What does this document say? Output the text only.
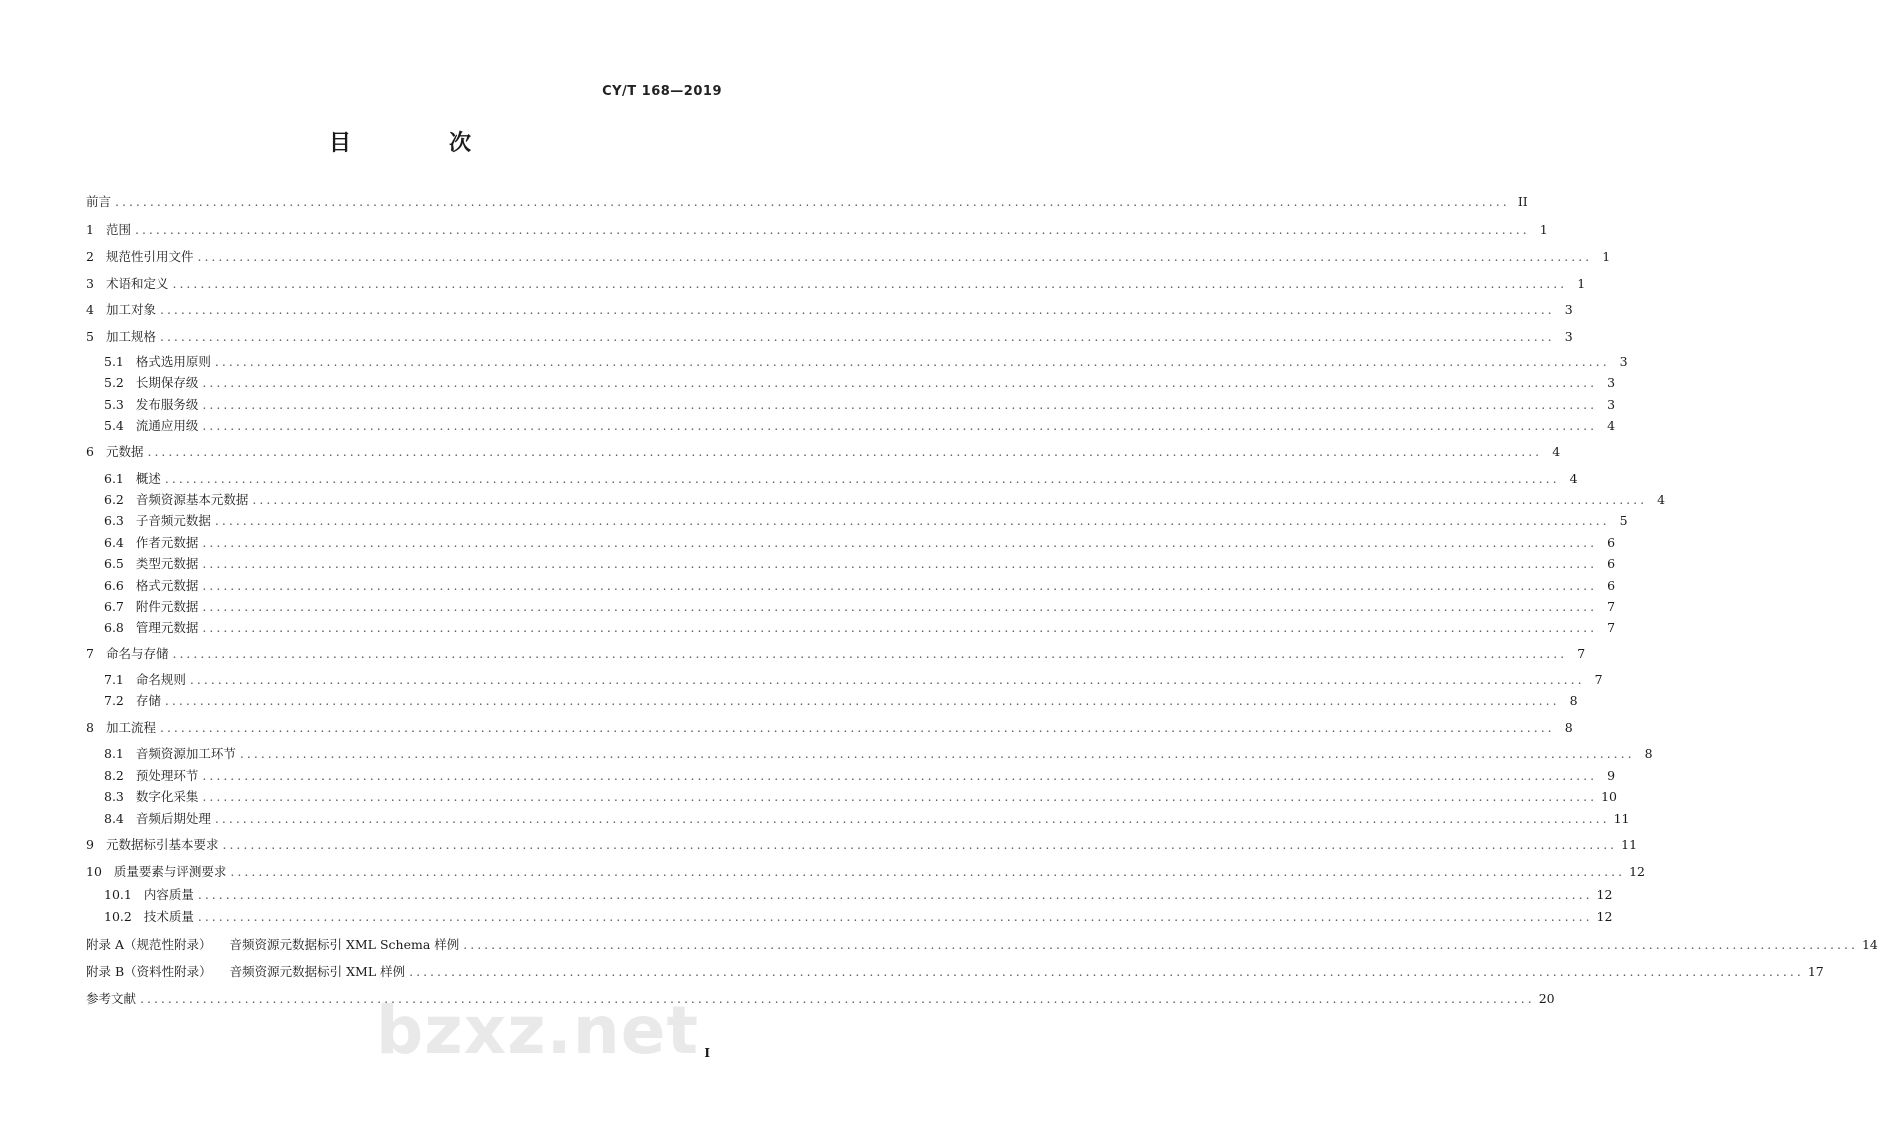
CY/T 168—2019
目　次
前言 ........................................................................................................................................................................................................ II
1 范围 ........................................................................................................................................................................................................ 1
2 规范性引用文件 ........................................................................................................................................................................................................ 1
3 术语和定义 ........................................................................................................................................................................................................ 1
4 加工对象 ........................................................................................................................................................................................................ 3
5 加工规格 ........................................................................................................................................................................................................ 3
5.1 格式选用原则 ........................................................................................................................................................................................................ 3
5.2 长期保存级 ........................................................................................................................................................................................................ 3
5.3 发布服务级 ........................................................................................................................................................................................................ 3
5.4 流通应用级 ........................................................................................................................................................................................................ 4
6 元数据 ........................................................................................................................................................................................................ 4
6.1 概述 ........................................................................................................................................................................................................ 4
6.2 音频资源基本元数据 ........................................................................................................................................................................................................ 4
6.3 子音频元数据 ........................................................................................................................................................................................................ 5
6.4 作者元数据 ........................................................................................................................................................................................................ 6
6.5 类型元数据 ........................................................................................................................................................................................................ 6
6.6 格式元数据 ........................................................................................................................................................................................................ 6
6.7 附件元数据 ........................................................................................................................................................................................................ 7
6.8 管理元数据 ........................................................................................................................................................................................................ 7
7 命名与存储 ........................................................................................................................................................................................................ 7
7.1 命名规则 ........................................................................................................................................................................................................ 7
7.2 存储 ........................................................................................................................................................................................................ 8
8 加工流程 ........................................................................................................................................................................................................ 8
8.1 音频资源加工环节 ........................................................................................................................................................................................................ 8
8.2 预处理环节 ........................................................................................................................................................................................................ 9
8.3 数字化采集 ........................................................................................................................................................................................................ 10
8.4 音频后期处理 ........................................................................................................................................................................................................ 11
9 元数据标引基本要求 ........................................................................................................................................................................................................ 11
10 质量要素与评测要求 ........................................................................................................................................................................................................ 12
10.1 内容质量 ........................................................................................................................................................................................................ 12
10.2 技术质量 ........................................................................................................................................................................................................ 12
附录 A（规范性附录） 音频资源元数据标引 XML Schema 样例 ........................................................................................................................................................................................................ 14
附录 B（资料性附录） 音频资源元数据标引 XML 样例 ........................................................................................................................................................................................................ 17
参考文献 ........................................................................................................................................................................................................ 20
bzxz.net I
